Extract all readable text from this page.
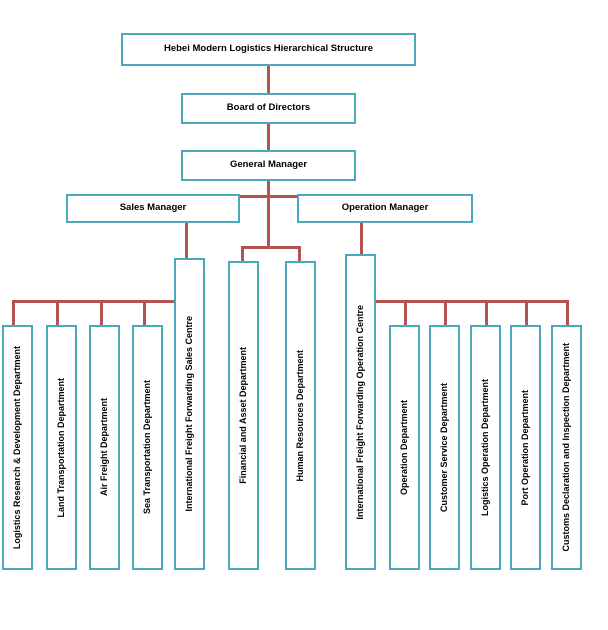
Hebei Modern Logistics Hierarchical Structure
Board of Directors
General Manager
Sales Manager	Operation Manager
Logistics Research & Development Department	Land Transportation Department	Air Freight Department	Sea Transportation Department	International Freight Forwarding Sales Centre	Financial and Asset Department	Human Resources Department	International Freight Forwarding Operation Centre	Operation Department	Customer Service Department	Logistics Operation Department	Port Operation Department	Customs Declaration and Inspection Department
